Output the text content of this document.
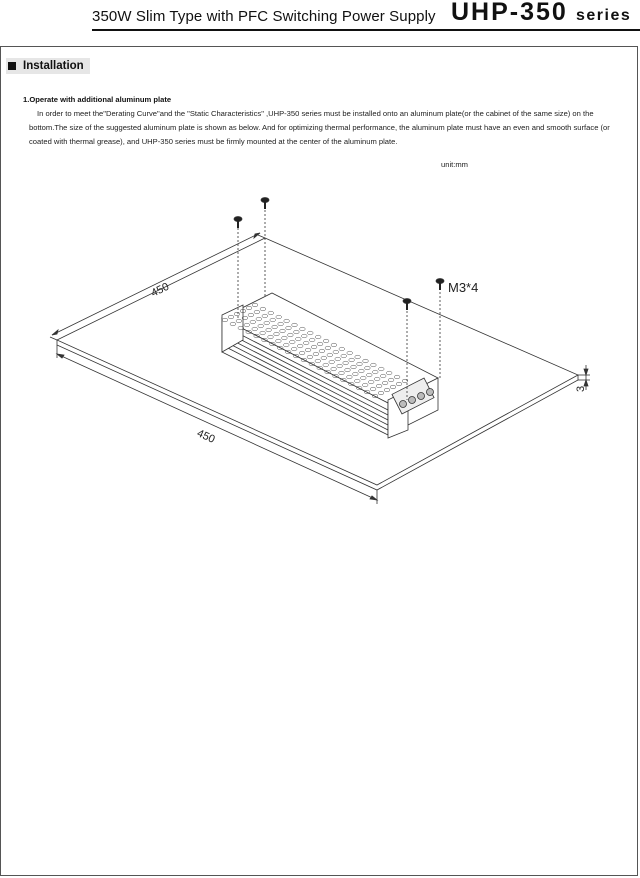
350W Slim Type with PFC Switching Power Supply UHP-350 series
Installation
1.Operate with additional aluminum plate
In order to meet the"Derating Curve"and the "Static Characteristics" ,UHP-350 series must be installed onto an aluminum plate(or the cabinet of the same size) on the bottom.The size of the suggested aluminum plate is shown as below. And for optimizing thermal performance, the aluminum plate must have an even and smooth surface (or coated with thermal grease), and UHP-350 series must be firmly mounted at the center of the aluminum plate.
unit:mm
450
450
3
M3*4
